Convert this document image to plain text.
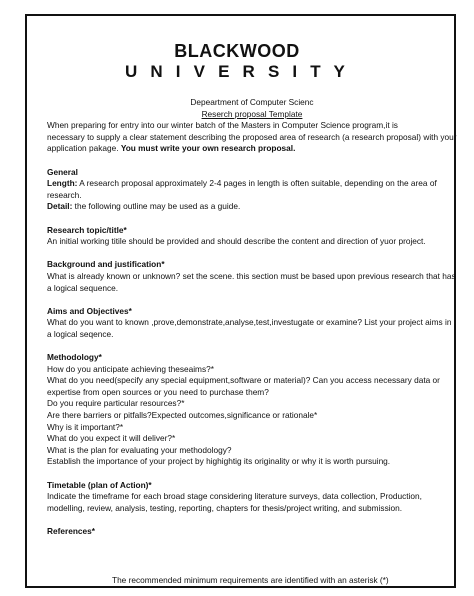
BLACKWOOD
U N I V E R S I T Y
Depeartment of Computer Scienc
Reserch proposal Template
When preparing for entry into our winter batch of the Masters in Computer Science program,it is
necessary to supply a clear statement describing the proposed area of research (a research proposal) with your
application pakage. You must write your own research proposal.
General
Length: A research proposal approximately 2-4 pages in length is often suitable, depending on the area of
research.
Detail: the following outline may be used as a guide.
Research topic/title*
An initial working titile should be provided and should describe the content and direction of yuor project.
Background and justification*
What is already known or unknown? set the scene. this section must be based upon previous research that has
a logical sequence.
Aims and Objectives*
What do you want to known ,prove,demonstrate,analyse,test,investugate or examine? List your project aims in
a logical seqence.
Methodology*
How do you anticipate achieving theseaims?*
What do you need(specify any special equipment,software or material)? Can you access necessary data or
expertise from open sources or you need to purchase them?
Do you require particular resources?*
Are there barriers or pitfalls?Expected outcomes,significance or rationale*
Why is it important?*
What do you expect it will deliver?*
What is the plan for evaluating your methodology?
Establish the importance of your project by highightig its originality or why it is worth pursuing.
Timetable (plan of Action)*
Indicate the timeframe for each broad stage considering literature surveys, data collection, Production,
modelling, review, analysis, testing, reporting, chapters for thesis/project writing, and submission.
References*
The recommended minimum requirements are identified with an asterisk (*)
